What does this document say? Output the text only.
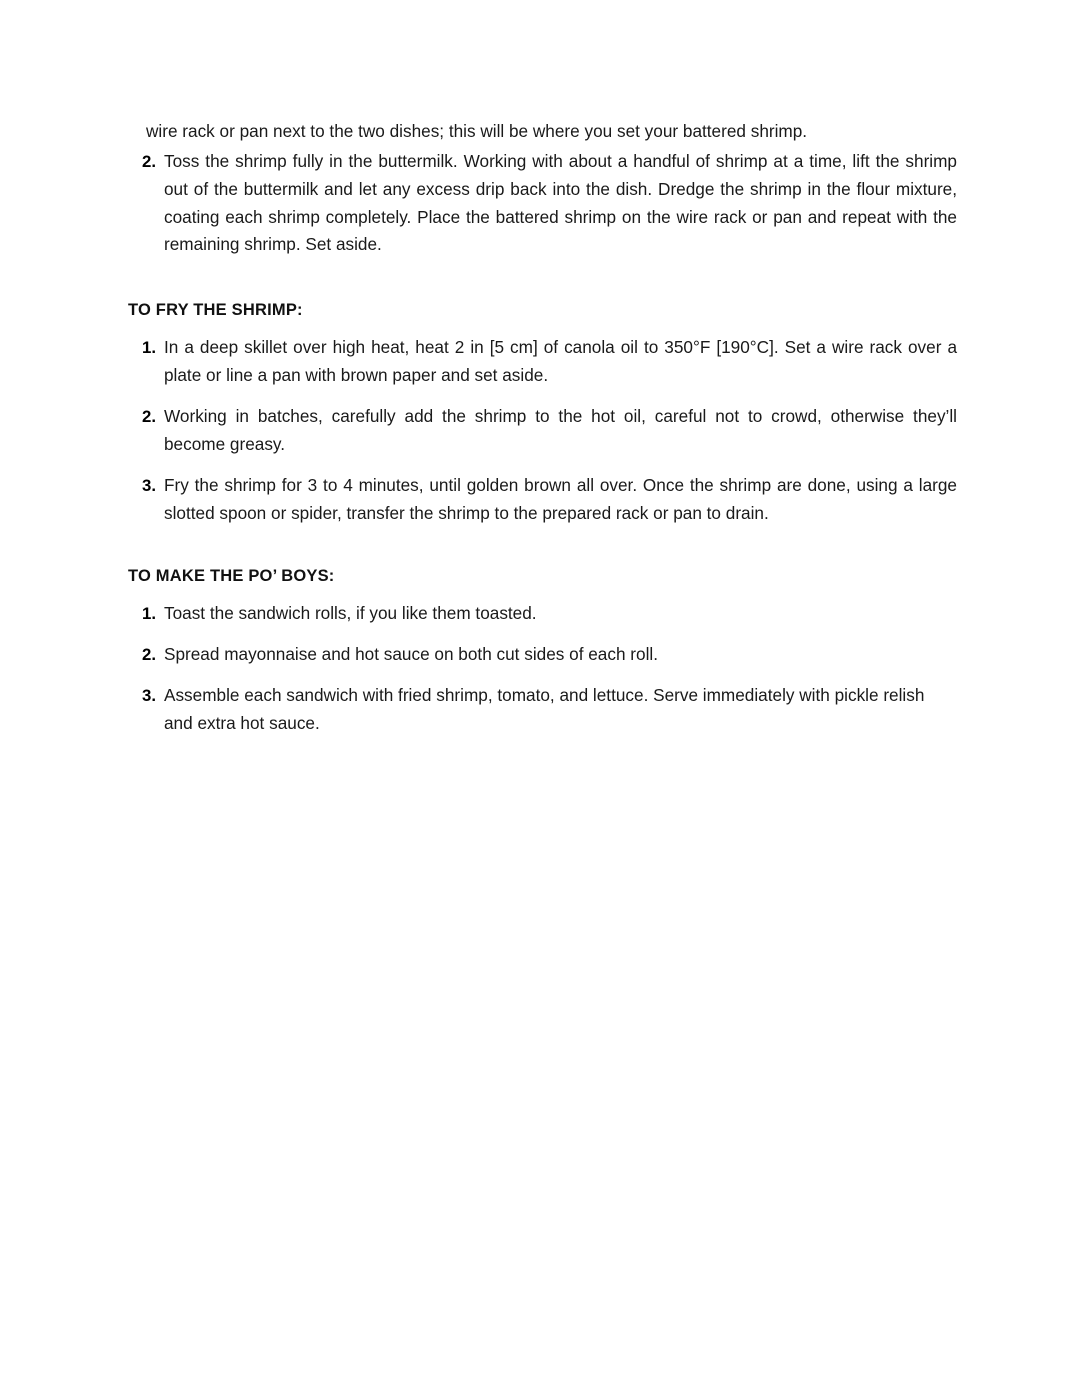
wire rack or pan next to the two dishes; this will be where you set your battered shrimp.

2. Toss the shrimp fully in the buttermilk. Working with about a handful of shrimp at a time, lift the shrimp out of the buttermilk and let any excess drip back into the dish. Dredge the shrimp in the flour mixture, coating each shrimp completely. Place the battered shrimp on the wire rack or pan and repeat with the remaining shrimp. Set aside.
TO FRY THE SHRIMP:
1. In a deep skillet over high heat, heat 2 in [5 cm] of canola oil to 350°F [190°C]. Set a wire rack over a plate or line a pan with brown paper and set aside.
2. Working in batches, carefully add the shrimp to the hot oil, careful not to crowd, otherwise they’ll become greasy.
3. Fry the shrimp for 3 to 4 minutes, until golden brown all over. Once the shrimp are done, using a large slotted spoon or spider, transfer the shrimp to the prepared rack or pan to drain.
TO MAKE THE PO’ BOYS:
1. Toast the sandwich rolls, if you like them toasted.
2. Spread mayonnaise and hot sauce on both cut sides of each roll.
3. Assemble each sandwich with fried shrimp, tomato, and lettuce. Serve immediately with pickle relish and extra hot sauce.
